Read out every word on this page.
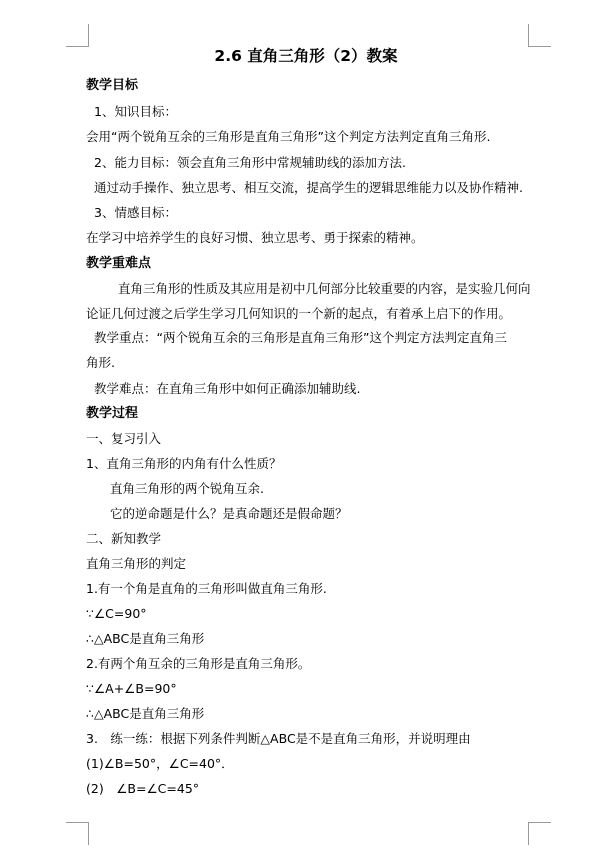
2.6 直角三角形（2）教案
教学目标
1、知识目标：
会用“两个锐角互余的三角形是直角三角形”这个判定方法判定直角三角形.
2、能力目标：领会直角三角形中常规辅助线的添加方法.
通过动手操作、独立思考、相互交流，提高学生的逻辑思维能力以及协作精神.
3、情感目标：
在学习中培养学生的良好习惯、独立思考、勇于探索的精神。
教学重难点
直角三角形的性质及其应用是初中几何部分比较重要的内容，是实验几何向
论证几何过渡之后学生学习几何知识的一个新的起点，有着承上启下的作用。
教学重点：“两个锐角互余的三角形是直角三角形”这个判定方法判定直角三
角形.
教学难点：在直角三角形中如何正确添加辅助线.
教学过程
一、复习引入
1、直角三角形的内角有什么性质？
直角三角形的两个锐角互余.
它的逆命题是什么？是真命题还是假命题？
二、新知教学
直角三角形的判定
1.有一个角是直角的三角形叫做直角三角形.
∵∠C=90°
∴△ABC是直角三角形
2.有两个角互余的三角形是直角三角形。
∵∠A+∠B=90°
∴△ABC是直角三角形
3.　练一练：根据下列条件判断△ABC是不是直角三角形，并说明理由
(1)∠B=50°，∠C=40°．
(2)　∠B=∠C=45°
